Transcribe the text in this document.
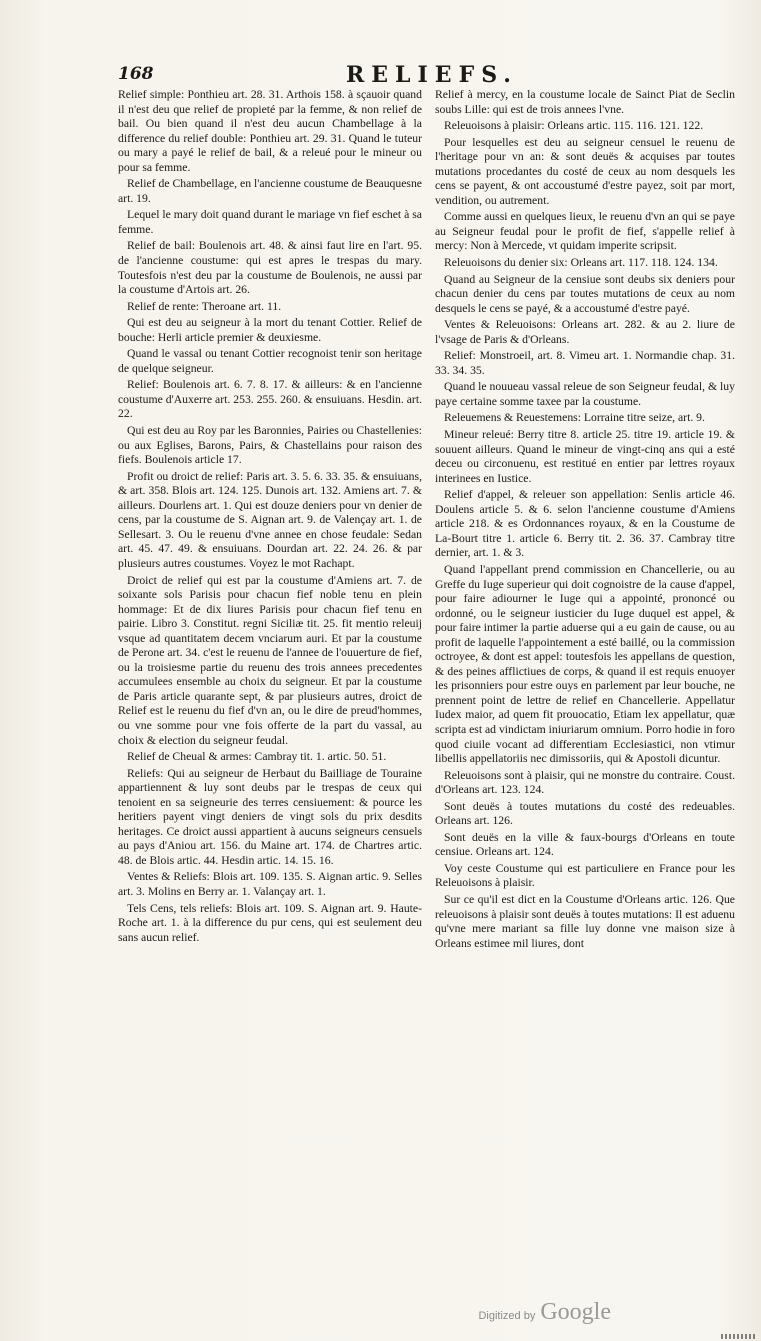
168	RELIEFS.

Relief simple: Ponthieu art. 28. 31. Arthois 158. à sçauoir quand il n'est deu que relief de propieté par la femme, & non relief de bail. Ou bien quand il n'est deu aucun Chambellage à la difference du relief double: Ponthieu art. 29. 31. Quand le tuteur ou mary a payé le relief de bail, & a releué pour le mineur ou pour sa femme.

Relief de Chambellage, en l'ancienne coustume de Beauquesne art. 19.

Lequel le mary doit quand durant le mariage vn fief eschet à sa femme.

Relief de bail: Boulenois art. 48. & ainsi faut lire en l'art. 95. de l'ancienne coustume: qui est apres le trespas du mary. Toutesfois n'est deu par la coustume de Boulenois, ne aussi par la coustume d'Artois art. 26.

Relief de rente: Theroane art. 11.

Qui est deu au seigneur à la mort du tenant Cottier. Relief de bouche: Herli article premier & deuxiesme.

Quand le vassal ou tenant Cottier recognoist tenir son heritage de quelque seigneur.

Relief: Boulenois art. 6. 7. 8. 17. & ailleurs: & en l'ancienne coustume d'Auxerre art. 253. 255. 260. & ensuiuans. Hesdin. art. 22.

Qui est deu au Roy par les Baronnies, Pairies ou Chastellenies: ou aux Eglises, Barons, Pairs, & Chastellains pour raison des fiefs. Boulenois article 17.

Profit ou droict de relief: Paris art. 3. 5. 6. 33. 35. & ensuiuans, & art. 358. Blois art. 124. 125. Dunois art. 132. Amiens art. 7. & ailleurs. Dourlens art. 1. Qui est douze deniers pour vn denier de cens, par la coustume de S. Aignan art. 9. de Valençay art. 1. de Sellesart. 3. Ou le reuenu d'vne annee en chose feudale: Sedan art. 45. 47. 49. & ensuiuans. Dourdan art. 22. 24. 26. & par plusieurs autres coustumes. Voyez le mot Rachapt.

Droict de relief qui est par la coustume d'Amiens art. 7. de soixante sols Parisis pour chacun fief noble tenu en plein hommage: Et de dix liures Parisis pour chacun fief tenu en pairie. Libro 3. Constitut. regni Siciliæ tit. 25. fit mentio releuij vsque ad quantitatem decem vnciarum auri. Et par la coustume de Perone art. 34. c'est le reuenu de l'annee de l'ouuerture de fief, ou la troisiesme partie du reuenu des trois annees precedentes accumulees ensemble au choix du seigneur. Et par la coustume de Paris article quarante sept, & par plusieurs autres, droict de Relief est le reuenu du fief d'vn an, ou le dire de preud'hommes, ou vne somme pour vne fois offerte de la part du vassal, au choix & election du seigneur feudal.

Relief de Cheual & armes: Cambray tit. 1. artic. 50. 51.

Reliefs: Qui au seigneur de Herbaut du Bailliage de Touraine appartiennent & luy sont deubs par le trespas de ceux qui tenoient en sa seigneurie des terres censiuement: & pource les heritiers payent vingt deniers de vingt sols du prix desdits heritages. Ce droict aussi appartient à aucuns seigneurs censuels au pays d'Aniou art. 156. du Maine art. 174. de Chartres artic. 48. de Blois artic. 44. Hesdin artic. 14. 15. 16.

Ventes & Reliefs: Blois art. 109. 135. S. Aignan artic. 9. Selles art. 3. Molins en Berry ar. 1. Valançay art. 1.

Tels Cens, tels reliefs: Blois art. 109. S. Aignan art. 9. Haute-Roche art. 1. à la difference du pur cens, qui est seulement deu sans aucun relief.

Relief à mercy, en la coustume locale de Sainct Piat de Seclin soubs Lille: qui est de trois annees l'vne.

Releuoisons à plaisir: Orleans artic. 115. 116. 121. 122.

Pour lesquelles est deu au seigneur censuel le reuenu de l'heritage pour vn an: & sont deuës & acquises par toutes mutations procedantes du costé de ceux au nom desquels les cens se payent, & ont accoustumé d'estre payez, soit par mort, vendition, ou autrement.

Comme aussi en quelques lieux, le reuenu d'vn an qui se paye au Seigneur feudal pour le profit de fief, s'appelle relief à mercy: Non à Mercede, vt quidam imperite scripsit.

Releuoisons du denier six: Orleans art. 117. 118. 124. 134.

Quand au Seigneur de la censiue sont deubs six deniers pour chacun denier du cens par toutes mutations de ceux au nom desquels le cens se payé, & a accoustumé d'estre payé.

Ventes & Releuoisons: Orleans art. 282. & au 2. liure de l'vsage de Paris & d'Orleans.

Relief: Monstroeil, art. 8. Vimeu art. 1. Normandie chap. 31. 33. 34. 35.

Quand le nouueau vassal releue de son Seigneur feudal, & luy paye certaine somme taxee par la coustume.

Releuemens & Reuestemens: Lorraine titre seize, art. 9.

Mineur releué: Berry titre 8. article 25. titre 19. article 19. & souuent ailleurs. Quand le mineur de vingt-cinq ans qui a esté deceu ou circonuenu, est restitué en entier par lettres royaux interinees en Iustice.

Relief d'appel, & releuer son appellation: Senlis article 46. Doulens article 5. & 6. selon l'ancienne coustume d'Amiens article 218. & es Ordonnances royaux, & en la Coustume de La-Bourt titre 1. article 6. Berry tit. 2. 36. 37. Cambray titre dernier, art. 1. & 3.

Quand l'appellant prend commission en Chancellerie, ou au Greffe du Iuge superieur qui doit cognoistre de la cause d'appel, pour faire adiourner le Iuge qui a appointé, prononcé ou ordonné, ou le seigneur iusticier du Iuge duquel est appel, & pour faire intimer la partie aduerse qui a eu gain de cause, ou au profit de laquelle l'appointement a esté baillé, ou la commission octroyee, & dont est appel: toutesfois les appellans de question, & des peines afflictiues de corps, & quand il est requis enuoyer les prisonniers pour estre ouys en parlement par leur bouche, ne prennent point de lettre de relief en Chancellerie. Appellatur Iudex maior, ad quem fit prouocatio, Etiam lex appellatur, quæ scripta est ad vindictam iniuriarum omnium. Porro hodie in foro quod ciuile vocant ad differentiam Ecclesiastici, non vtimur libellis appellatoriis nec dimissoriis, qui & Apostoli dicuntur.

Releuoisons sont à plaisir, qui ne monstre du contraire. Coust. d'Orleans art. 123. 124.

Sont deuës à toutes mutations du costé des redeuables. Orleans art. 126.

Sont deuës en la ville & faux-bourgs d'Orleans en toute censiue. Orleans art. 124.

Voy ceste Coustume qui est particuliere en France pour les Releuoisons à plaisir.

Sur ce qu'il est dict en la Coustume d'Orleans artic. 126. Que releuoisons à plaisir sont deuës à toutes mutations: Il est aduenu qu'vne mere mariant sa fille luy donne vne maison size à Orleans estimee mil liures, dont

Digitized by Google
